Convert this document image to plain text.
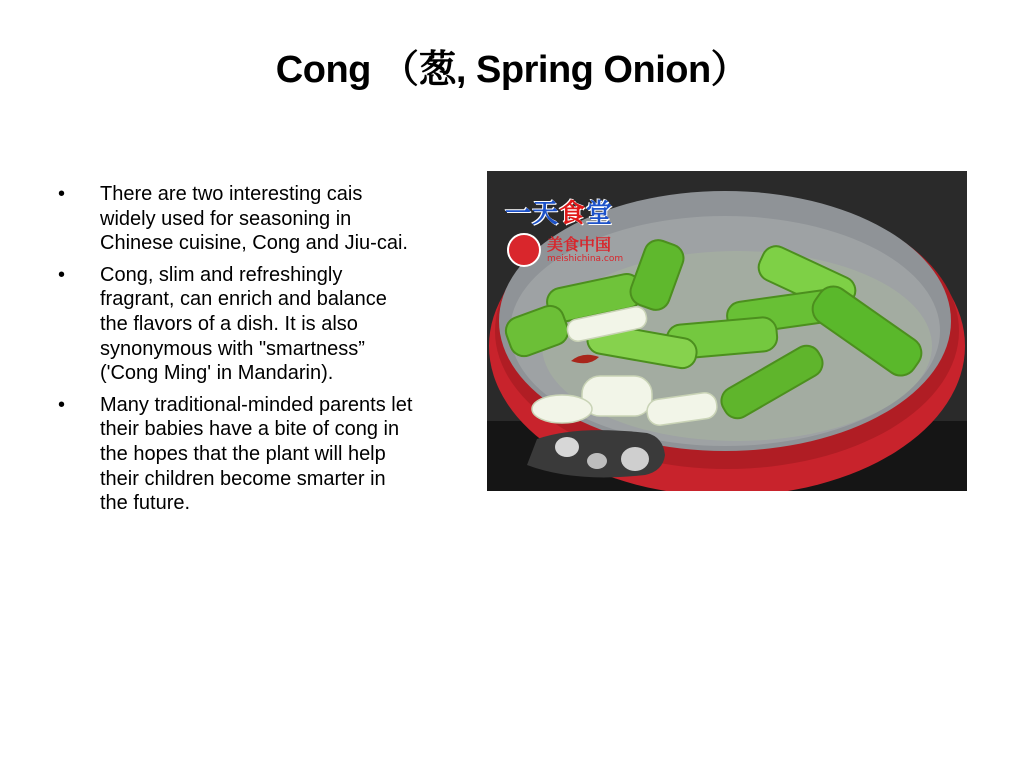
Cong （葱, Spring Onion）
•	There are two interesting cais widely used for seasoning in Chinese cuisine, Cong and Jiu-cai.
•	Cong, slim and refreshingly fragrant, can enrich and balance the flavors of a dish. It is also synonymous with "smartness” ('Cong Ming' in Mandarin).
•	Many traditional-minded parents let their babies have a bite of cong in the hopes that the plant will help their children become smarter in the future.
一天食堂
美食中国
meishichina.com
